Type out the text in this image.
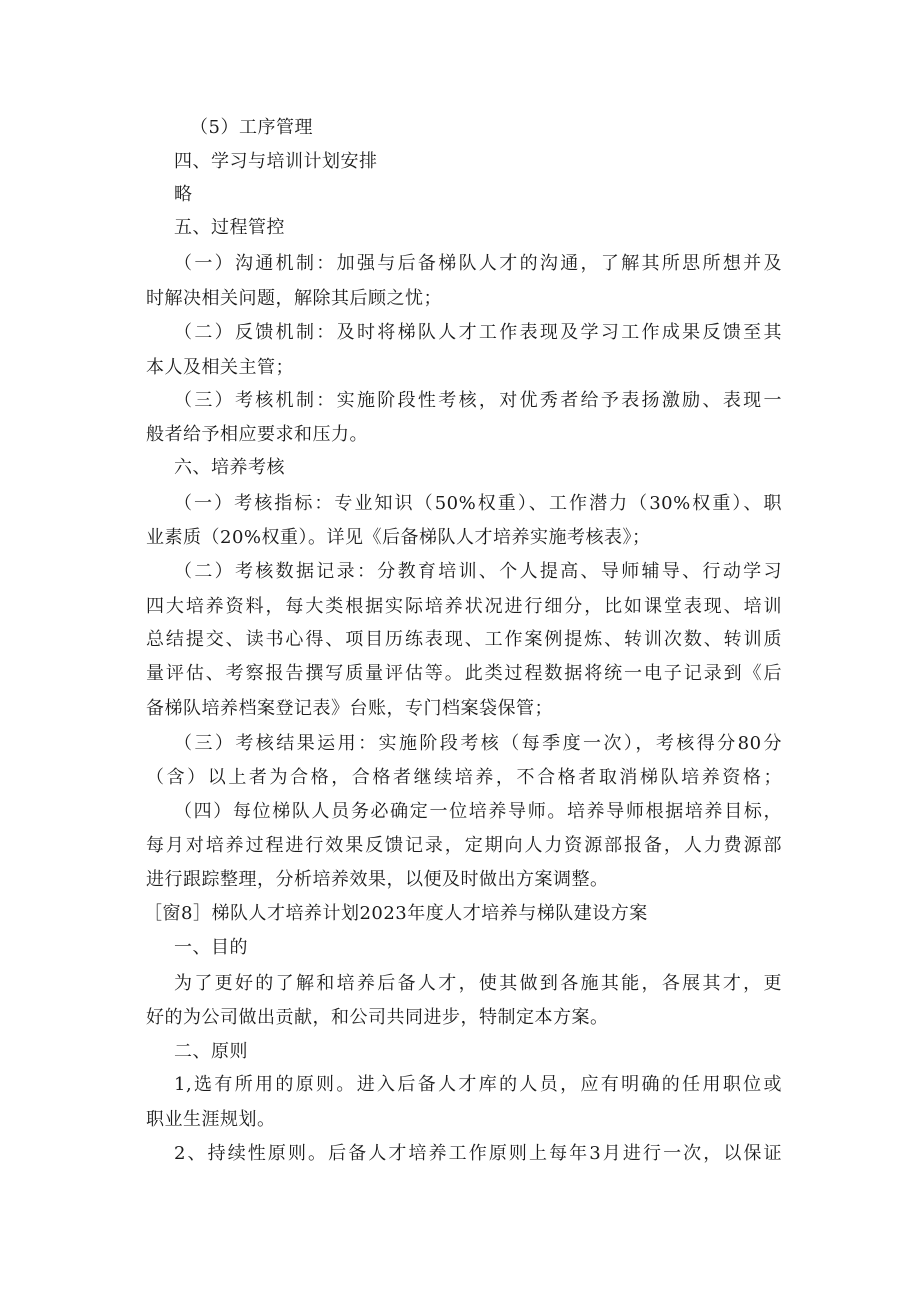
（5）工序管理
四、学习与培训计划安排
略
五、过程管控
（一）沟通机制：加强与后备梯队人才的沟通，了解其所思所想并及
时解决相关问题，解除其后顾之忧；
（二）反馈机制：及时将梯队人才工作表现及学习工作成果反馈至其
本人及相关主管；
（三）考核机制：实施阶段性考核，对优秀者给予表扬激励、表现一
般者给予相应要求和压力。
六、培养考核
（一）考核指标：专业知识（50%权重）、工作潜力（30%权重）、职
业素质（20%权重）。详见《后备梯队人才培养实施考核表》；
（二）考核数据记录：分教育培训、个人提高、导师辅导、行动学习
四大培养资料，每大类根据实际培养状况进行细分，比如课堂表现、培训
总结提交、读书心得、项目历练表现、工作案例提炼、转训次数、转训质
量评估、考察报告撰写质量评估等。此类过程数据将统一电子记录到《后
备梯队培养档案登记表》台账，专门档案袋保管；
（三）考核结果运用：实施阶段考核（每季度一次），考核得分80分
（含）以上者为合格，合格者继续培养，不合格者取消梯队培养资格；
（四）每位梯队人员务必确定一位培养导师。培养导师根据培养目标，
每月对培养过程进行效果反馈记录，定期向人力资源部报备，人力费源部
进行跟踪整理，分析培养效果，以便及时做出方案调整。
［窗8］梯队人才培养计划2023年度人才培养与梯队建设方案
一、目的
为了更好的了解和培养后备人才，使其做到各施其能，各展其才，更
好的为公司做出贡献，和公司共同进步，特制定本方案。
二、原则
1,选有所用的原则。进入后备人才库的人员，应有明确的任用职位或
职业生涯规划。
2、持续性原则。后备人才培养工作原则上每年3月进行一次，以保证
